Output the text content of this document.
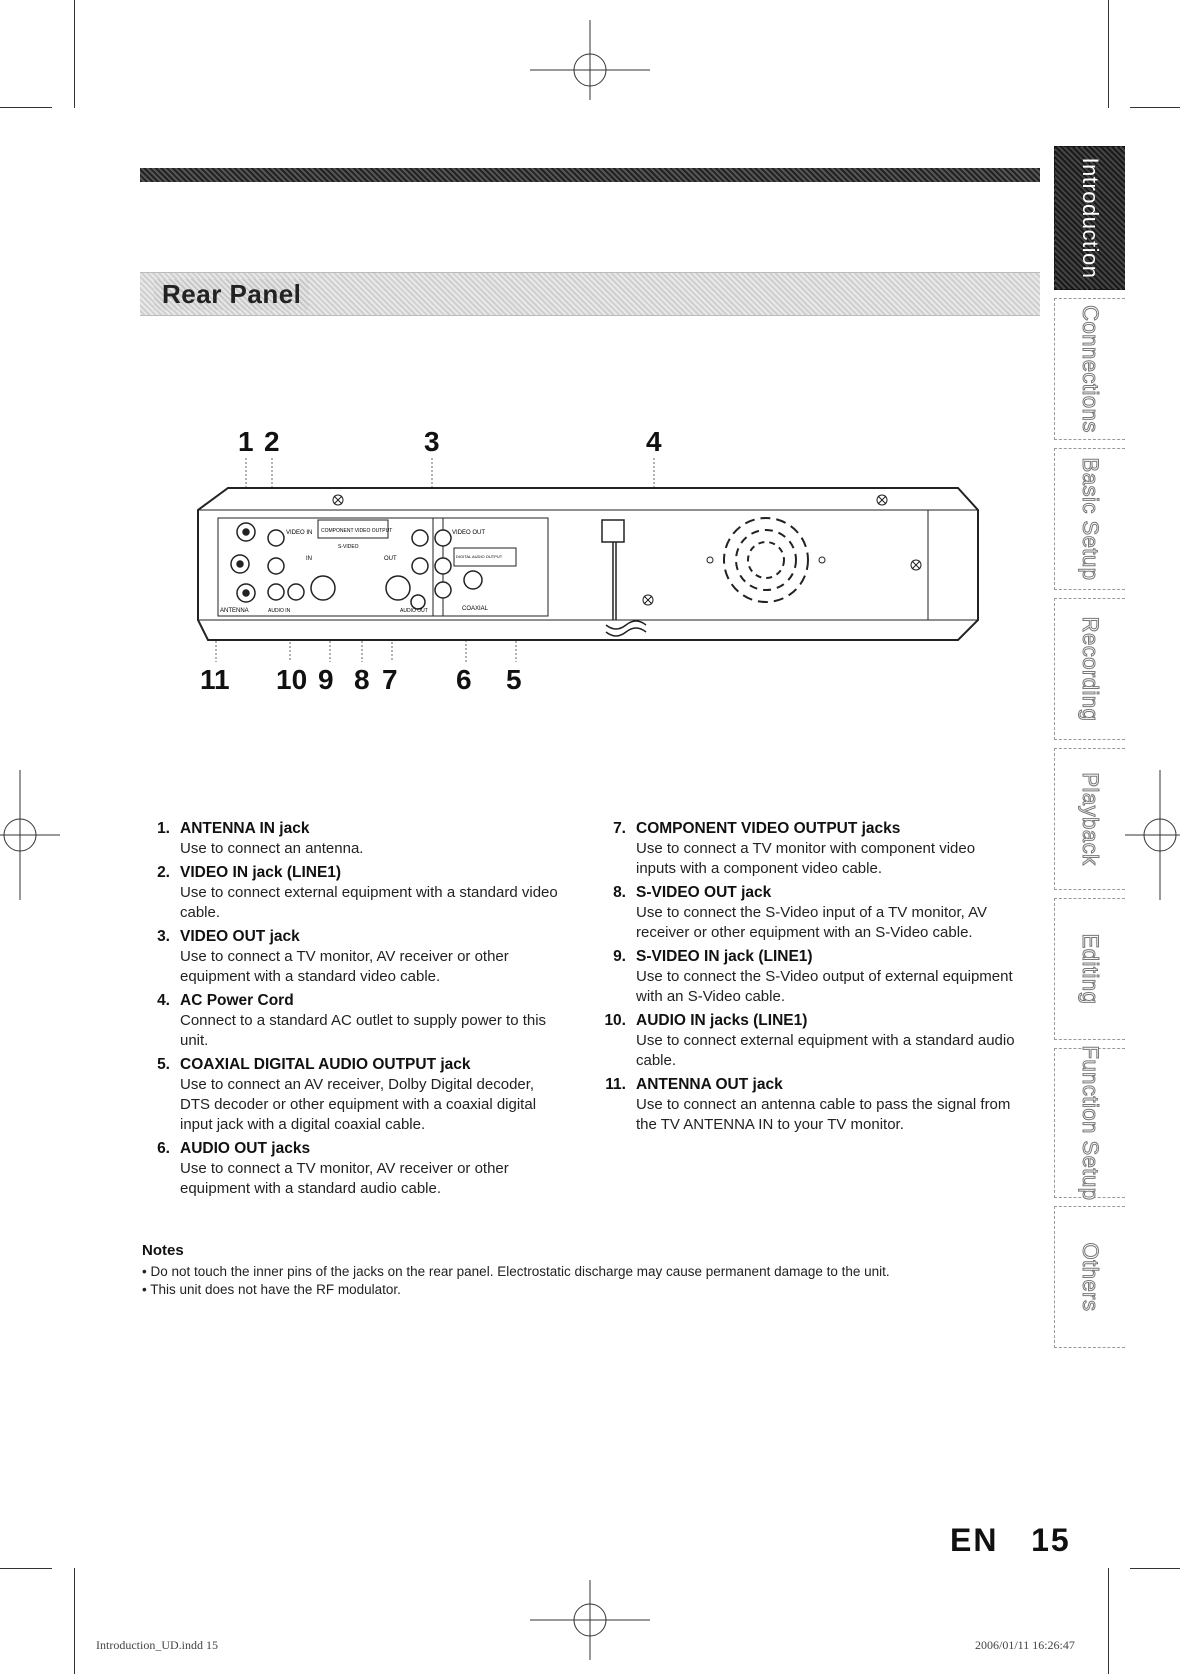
Rear Panel
Introduction
Connections
Basic Setup
Recording
Playback
Editing
Function Setup
Others
1 2	3	4
11 10 9 8 7 6 5
VIDEO IN COMPONENT VIDEO OUTPUT	VIDEO OUT
S-VIDEO
IN	OUT
ANTENNA	AUDIO IN	AUDIO OUT
DIGITAL AUDIO OUTPUT
COAXIAL
1. ANTENNA IN jack
Use to connect an antenna.
2. VIDEO IN jack (LINE1)
Use to connect external equipment with a standard video cable.
3. VIDEO OUT jack
Use to connect a TV monitor, AV receiver or other equipment with a standard video cable.
4. AC Power Cord
Connect to a standard AC outlet to supply power to this unit.
5. COAXIAL DIGITAL AUDIO OUTPUT jack
Use to connect an AV receiver, Dolby Digital decoder, DTS decoder or other equipment with a coaxial digital input jack with a digital coaxial cable.
6. AUDIO OUT jacks
Use to connect a TV monitor, AV receiver or other equipment with a standard audio cable.
7. COMPONENT VIDEO OUTPUT jacks
Use to connect a TV monitor with component video inputs with a component video cable.
8. S-VIDEO OUT jack
Use to connect the S-Video input of a TV monitor, AV receiver or other equipment with an S-Video cable.
9. S-VIDEO IN jack (LINE1)
Use to connect the S-Video output of external equipment with an S-Video cable.
10. AUDIO IN jacks (LINE1)
Use to connect external equipment with a standard audio cable.
11. ANTENNA OUT jack
Use to connect an antenna cable to pass the signal from the TV ANTENNA IN to your TV monitor.
Notes
• Do not touch the inner pins of the jacks on the rear panel. Electrostatic discharge may cause permanent damage to the unit.
• This unit does not have the RF modulator.
EN 15
Introduction_UD.indd 15	2006/01/11 16:26:47
